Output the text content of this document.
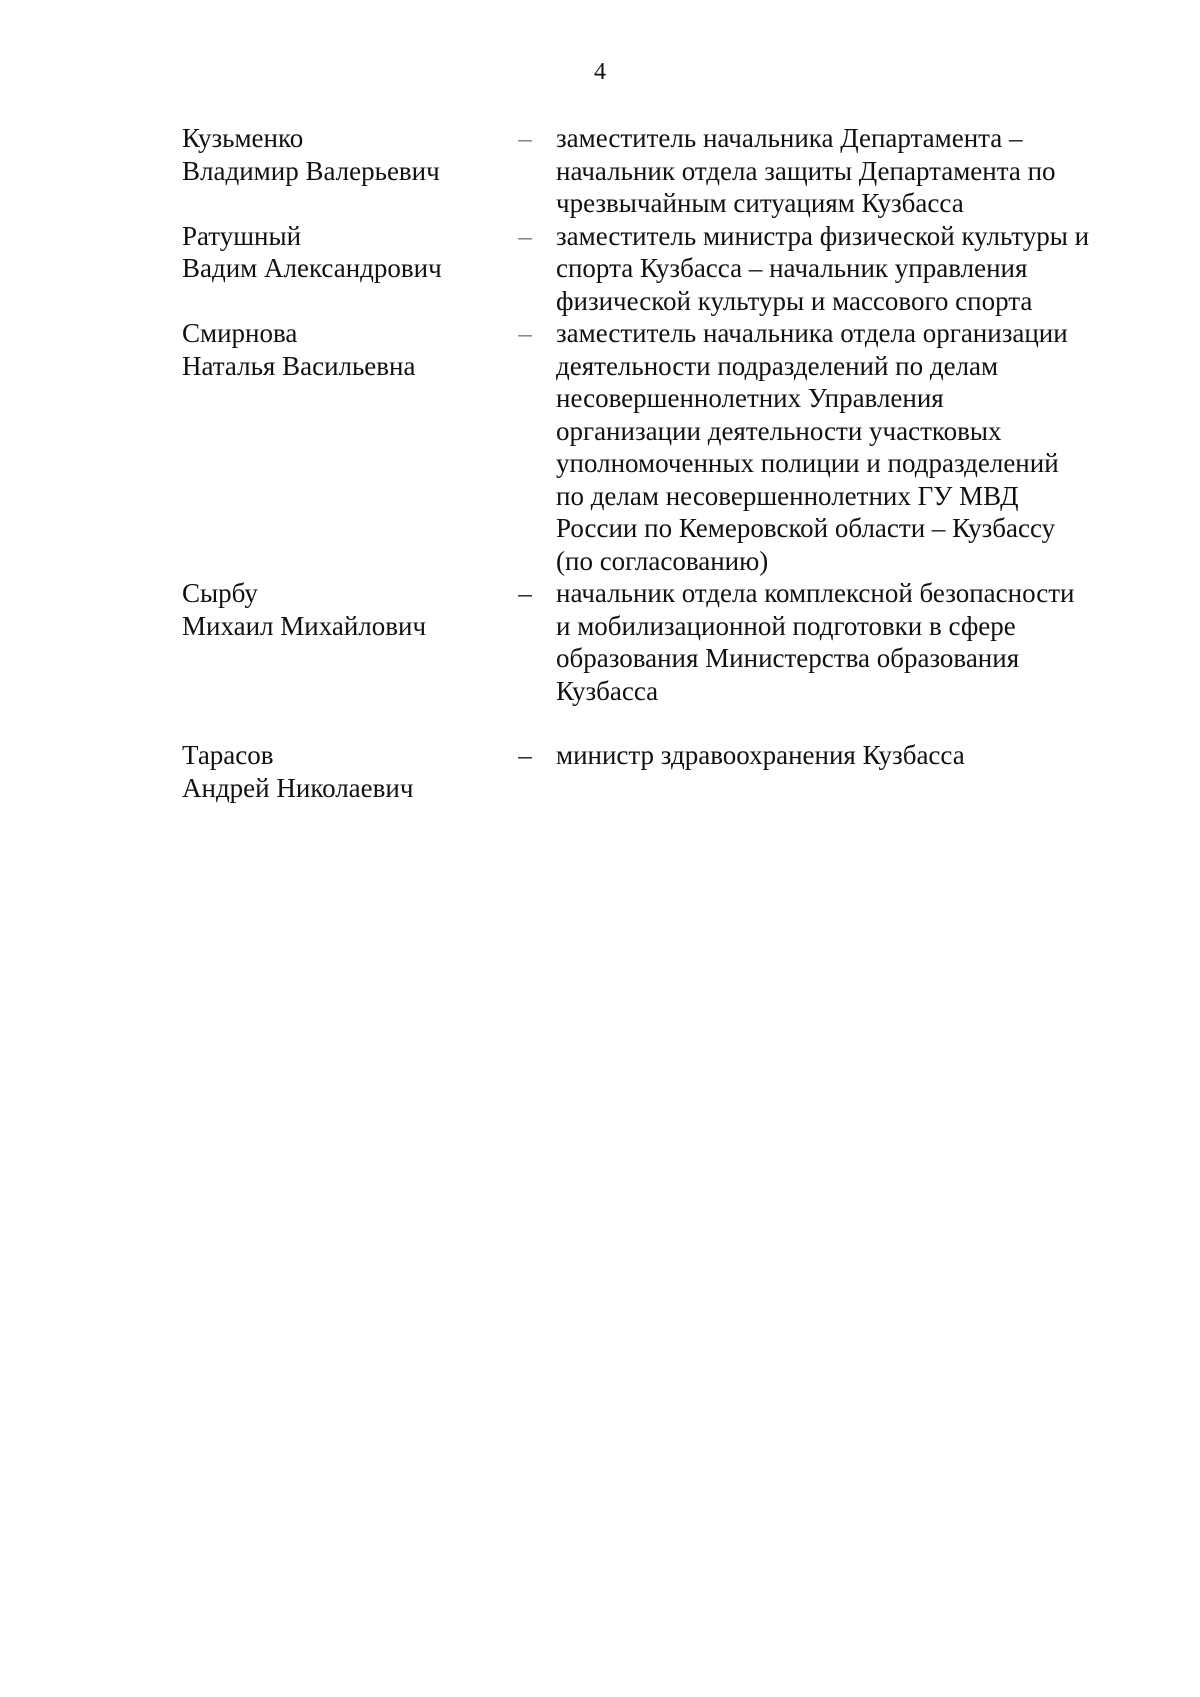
4
Кузьменко
Владимир Валерьевич
– заместитель начальника Департамента –
начальник отдела защиты Департамента по
чрезвычайным ситуациям Кузбасса
Ратушный
Вадим Александрович
– заместитель министра физической культуры и
спорта Кузбасса – начальник управления
физической культуры и массового спорта
Смирнова
Наталья Васильевна
– заместитель начальника отдела организации
деятельности подразделений по делам
несовершеннолетних Управления
организации деятельности участковых
уполномоченных полиции и подразделений
по делам несовершеннолетних ГУ МВД
России по Кемеровской области – Кузбассу
(по согласованию)
Сырбу
Михаил Михайлович
– начальник отдела комплексной безопасности
и мобилизационной подготовки в сфере
образования Министерства образования
Кузбасса
Тарасов
Андрей Николаевич
– министр здравоохранения Кузбасса
